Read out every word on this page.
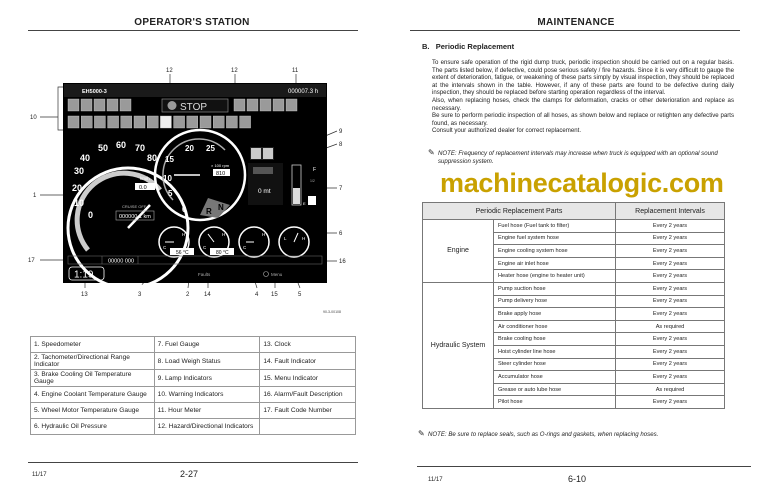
OPERATOR'S STATION
12	12	11
10
9
8
7
1
6
16
17
13	3	2 14	4 15	5
EH5000-3	000007.3 h
STOP
0
10
20
30
40
50 60 70
80
km/h
0.0
CRUISE OFF
000000.1 km
0
5
10
15
20 25
× 100 rpm
810
R N
0 mt
F
1/2
E
H
C
H
C
H
C
L	H
56 °C	80 °C
00000 000
1:19	Faults	Menu
90-3-00108
1. Speedometer	7. Fuel Gauge	13. Clock
2. Tachometer/Directional Range Indicator	8. Load Weigh Status	14. Fault Indicator
3. Brake Cooling Oil Temperature Gauge	9. Lamp Indicators	15. Menu Indicator
4. Engine Coolant Temperature Gauge	10. Warning Indicators	16. Alarm/Fault Description
5. Wheel Motor Temperature Gauge	11. Hour Meter	17. Fault Code Number
6. Hydraulic Oil Pressure	12. Hazard/Directional Indicators	
11/17	2-27
MAINTENANCE
B.   Periodic Replacement
To ensure safe operation of the rigid dump truck, periodic inspection should be carried out on a regular basis. The parts listed below, if defective, could pose serious safety / fire hazards. Since it is very difficult to gauge the extent of deterioration, fatigue, or weakening of these parts simply by visual inspection, they should be replaced at the intervals shown in the table. However, if any of these parts are found to be defective during daily inspection, they should be replaced before starting operation regardless of the interval.
Also, when replacing hoses, check the clamps for deformation, cracks or other deterioration and replace as necessary.
Be sure to perform periodic inspection of all hoses, as shown below and replace or retighten any defective parts found, as necessary.
Consult your authorized dealer for correct replacement.
✎ NOTE: Frequency of replacement intervals may increase when truck is equipped with an optional sound suppression system.
machinecatalogic.com
Periodic Replacement Parts		Replacement Intervals
Engine	Fuel hose (Fuel tank to filter)	Every 2 years
	Engine fuel system hose	Every 2 years
	Engine cooling system hose	Every 2 years
	Engine air inlet hose	Every 2 years
	Heater hose (engine to heater unit)	Every 2 years
Hydraulic System	Pump suction hose	Every 2 years
	Pump delivery hose	Every 2 years
	Brake apply hose	Every 2 years
	Air conditioner hose	As required
	Brake cooling hose	Every 2 years
	Hoist cylinder line hose	Every 2 years
	Steer cylinder hose	Every 2 years
	Accumulator hose	Every 2 years
	Grease or auto lube hose	As required
	Pilot hose	Every 2 years
✎ NOTE: Be sure to replace seals, such as O-rings and gaskets, when replacing hoses.
11/17	6-10
